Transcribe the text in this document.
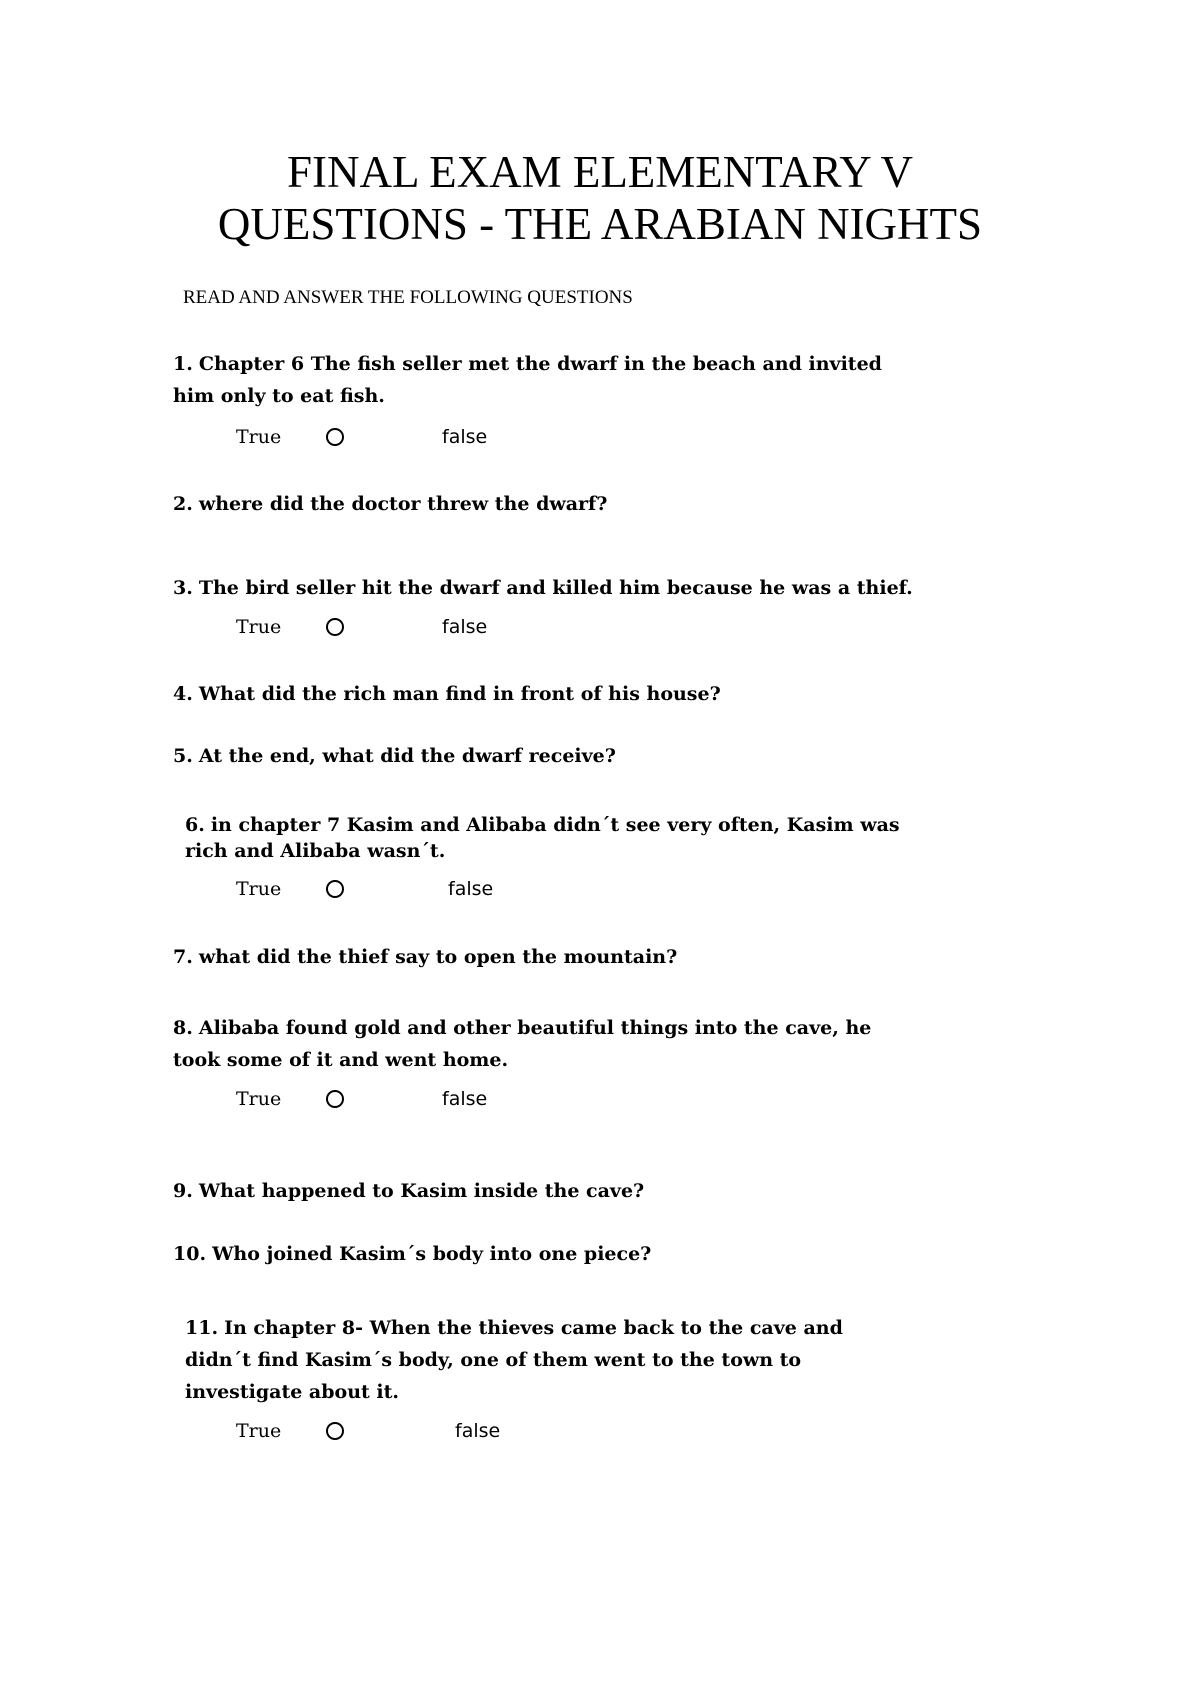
FINAL EXAM ELEMENTARY V
QUESTIONS - THE ARABIAN NIGHTS
READ AND ANSWER THE FOLLOWING QUESTIONS
1. Chapter 6 The fish seller met the dwarf in the beach and invited
him only to eat fish.
True	false
2. where did the doctor threw the dwarf?
3. The bird seller hit the dwarf and killed him because he was a thief.
True	false
4. What did the rich man find in front of his house?
5. At the end, what did the dwarf receive?
6. in chapter 7 Kasim and Alibaba didn´t see very often, Kasim was
rich and Alibaba wasn´t.
True	false
7. what did the thief say to open the mountain?
8. Alibaba found gold and other beautiful things into the cave, he
took some of it and went home.
True	false
9. What happened to Kasim inside the cave?
10. Who joined Kasim´s body into one piece?
11. In chapter 8- When the thieves came back to the cave and
didn´t find Kasim´s body, one of them went to the town to
investigate about it.
True	false
